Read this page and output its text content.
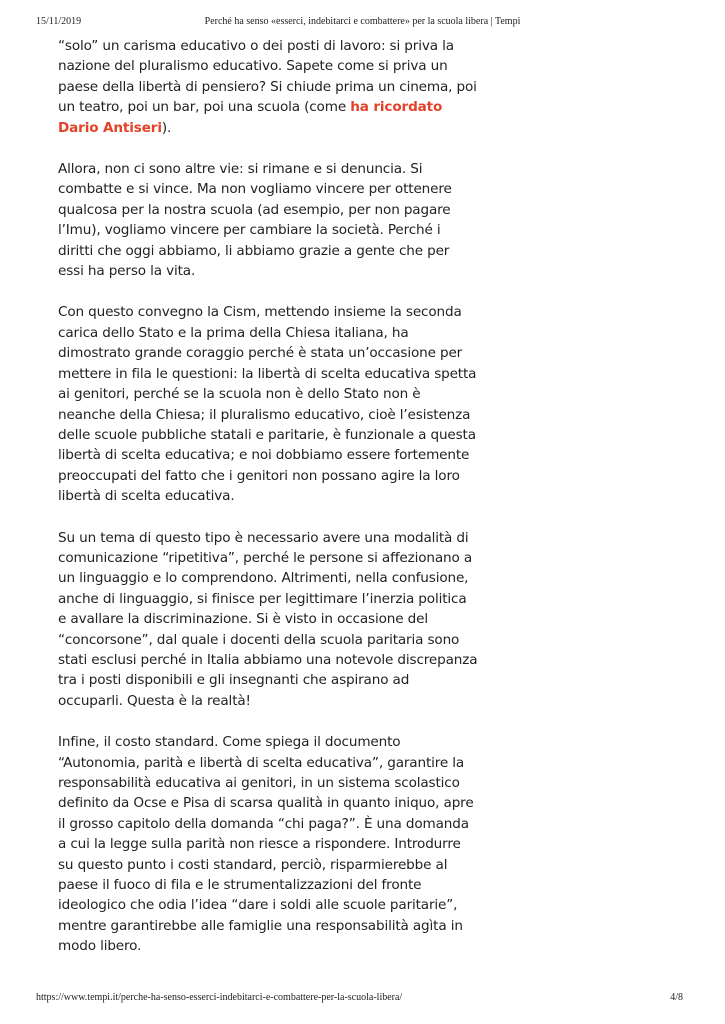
15/11/2019	Perché ha senso «esserci, indebitarci e combattere» per la scuola libera | Tempi

“solo” un carisma educativo o dei posti di lavoro: si priva la nazione del pluralismo educativo. Sapete come si priva un paese della libertà di pensiero? Si chiude prima un cinema, poi un teatro, poi un bar, poi una scuola (come ha ricordato Dario Antiseri).

Allora, non ci sono altre vie: si rimane e si denuncia. Si combatte e si vince. Ma non vogliamo vincere per ottenere qualcosa per la nostra scuola (ad esempio, per non pagare l’Imu), vogliamo vincere per cambiare la società. Perché i diritti che oggi abbiamo, li abbiamo grazie a gente che per essi ha perso la vita.

Con questo convegno la Cism, mettendo insieme la seconda carica dello Stato e la prima della Chiesa italiana, ha dimostrato grande coraggio perché è stata un’occasione per mettere in fila le questioni: la libertà di scelta educativa spetta ai genitori, perché se la scuola non è dello Stato non è neanche della Chiesa; il pluralismo educativo, cioè l’esistenza delle scuole pubbliche statali e paritarie, è funzionale a questa libertà di scelta educativa; e noi dobbiamo essere fortemente preoccupati del fatto che i genitori non possano agire la loro libertà di scelta educativa.

Su un tema di questo tipo è necessario avere una modalità di comunicazione “ripetitiva”, perché le persone si affezionano a un linguaggio e lo comprendono. Altrimenti, nella confusione, anche di linguaggio, si finisce per legittimare l’inerzia politica e avallare la discriminazione. Si è visto in occasione del “concorsone”, dal quale i docenti della scuola paritaria sono stati esclusi perché in Italia abbiamo una notevole discrepanza tra i posti disponibili e gli insegnanti che aspirano ad occuparli. Questa è la realtà!

Infine, il costo standard. Come spiega il documento “Autonomia, parità e libertà di scelta educativa”, garantire la responsabilità educativa ai genitori, in un sistema scolastico definito da Ocse e Pisa di scarsa qualità in quanto iniquo, apre il grosso capitolo della domanda “chi paga?”. È una domanda a cui la legge sulla parità non riesce a rispondere. Introdurre su questo punto i costi standard, perciò, risparmierebbe al paese il fuoco di fila e le strumentalizzazioni del fronte ideologico che odia l’idea “dare i soldi alle scuole paritarie”, mentre garantirebbe alle famiglie una responsabilità agìta in modo libero.

https://www.tempi.it/perche-ha-senso-esserci-indebitarci-e-combattere-per-la-scuola-libera/	4/8
